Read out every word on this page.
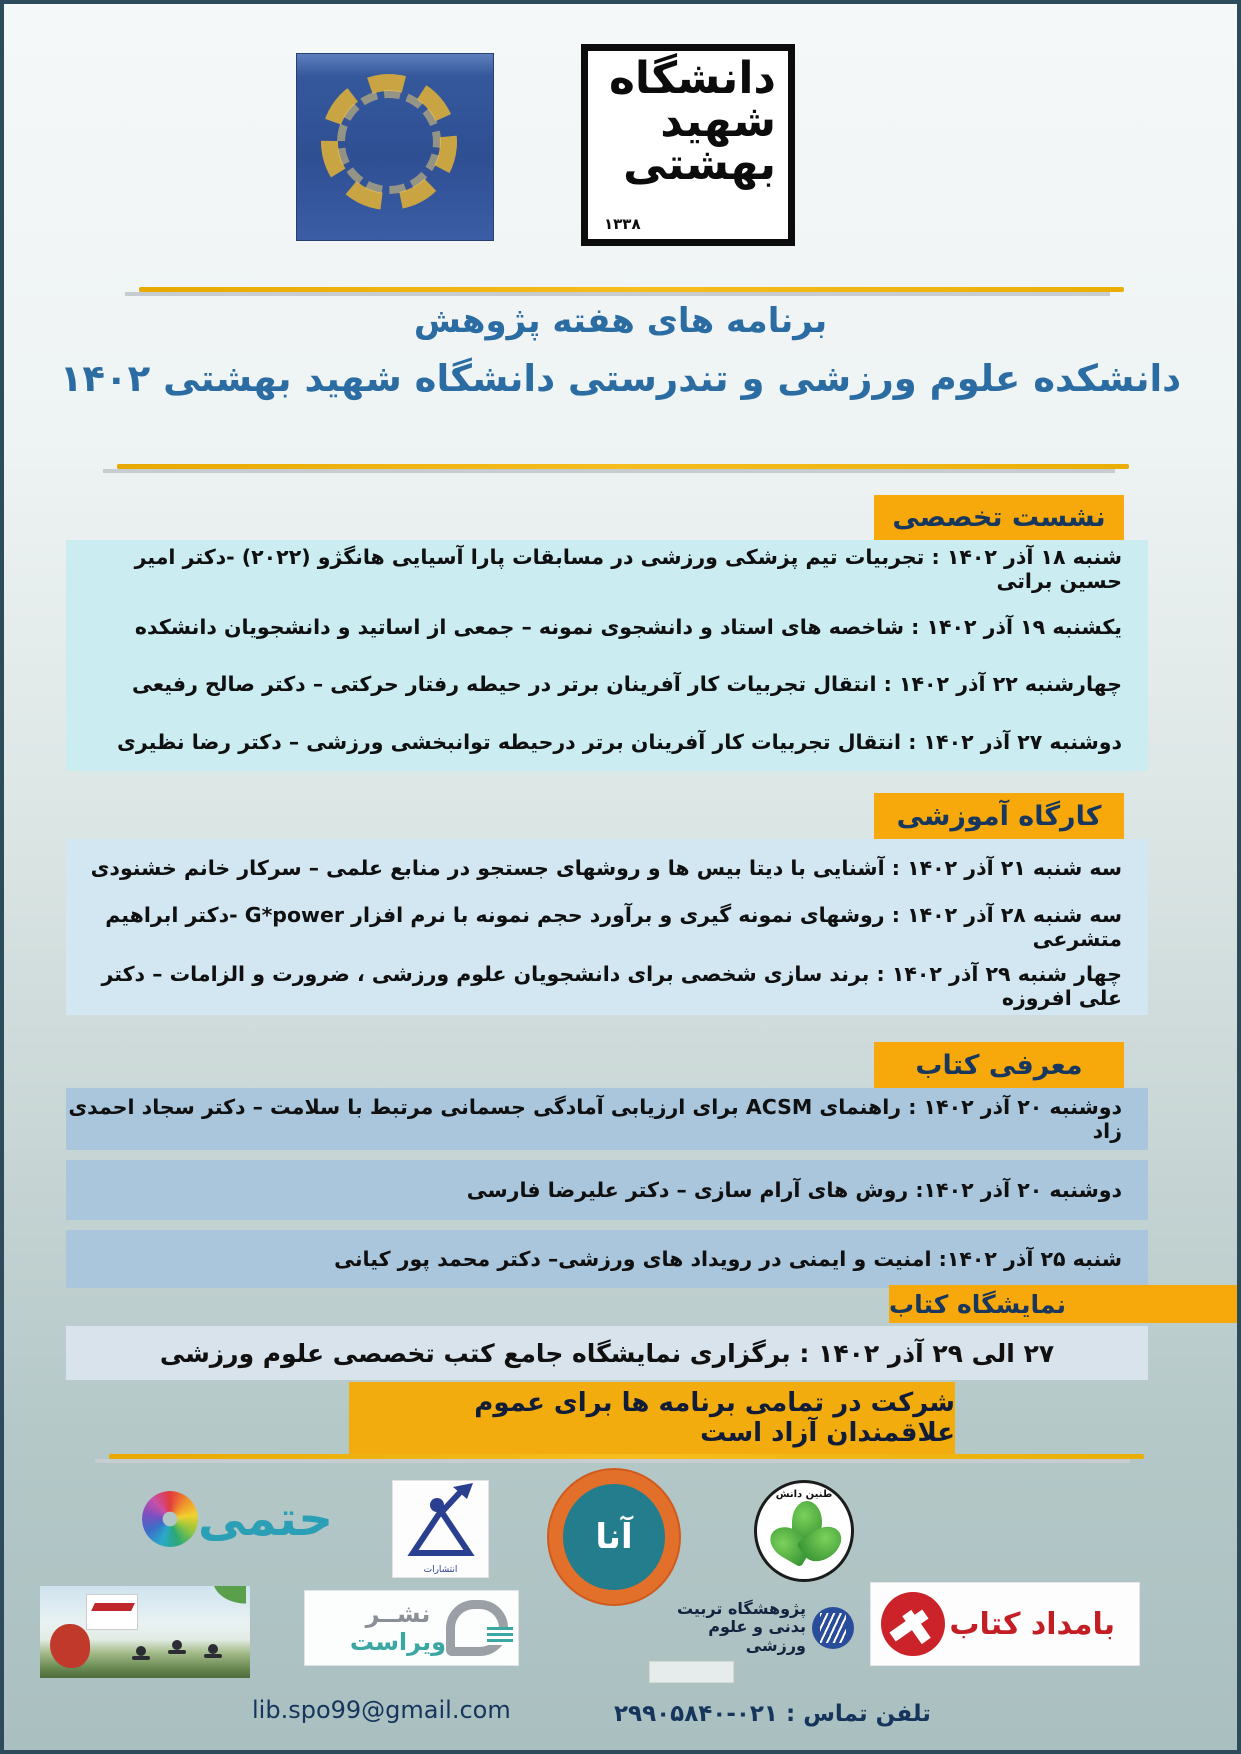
دانشگاه
شهید
بهشتی
۱۳۳۸
برنامه های هفته پژوهش
دانشکده علوم ورزشی و تندرستی دانشگاه شهید بهشتی ۱۴۰۲
نشست تخصصی
شنبه ۱۸ آذر ۱۴۰۲ : تجربیات تیم پزشکی ورزشی در مسابقات پارا آسیایی هانگژو (۲۰۲۲) -دکتر امیر حسین براتی
یکشنبه ۱۹ آذر ۱۴۰۲ : شاخصه های استاد و دانشجوی نمونه – جمعی از اساتید و دانشجویان دانشکده
چهارشنبه ۲۲ آذر ۱۴۰۲ : انتقال تجربیات کار آفرینان برتر در حیطه رفتار حرکتی – دکتر صالح رفیعی
دوشنبه ۲۷ آذر ۱۴۰۲ : انتقال تجربیات کار آفرینان برتر درحیطه توانبخشی ورزشی – دکتر رضا نظیری
کارگاه آموزشی
سه شنبه ۲۱ آذر ۱۴۰۲ : آشنایی با دیتا بیس ها و روشهای جستجو در منابع علمی – سرکار خانم خشنودی
سه شنبه ۲۸ آذر ۱۴۰۲ : روشهای نمونه گیری و برآورد حجم نمونه با نرم افزار G*power -دکتر ابراهیم متشرعی
چهار شنبه ۲۹ آذر ۱۴۰۲ : برند سازی شخصی برای دانشجویان علوم ورزشی ، ضرورت و الزامات – دکتر علی افروزه
معرفی کتاب
دوشنبه ۲۰ آذر ۱۴۰۲ : راهنمای ACSM برای ارزیابی آمادگی جسمانی مرتبط با سلامت – دکتر سجاد احمدی زاد
دوشنبه ۲۰ آذر ۱۴۰۲: روش های آرام سازی – دکتر علیرضا فارسی
شنبه ۲۵ آذر ۱۴۰۲: امنیت و ایمنی در رویداد های ورزشی– دکتر محمد پور کیانی
نمایشگاه کتاب
۲۷ الی ۲۹ آذر ۱۴۰۲ : برگزاری نمایشگاه جامع کتب تخصصی علوم ورزشی
شرکت در تمامی برنامه ها برای عموم علاقمندان آزاد است
حتمی
انتشارات
آنا
طنین دانش
نشــر
ویراست
پژوهشگاه تربیت بدنی و علوم ورزشی
بامداد کتاب
lib.spo99@gmail.com	تلفن تماس : ۰۲۱-۲۹۹۰۵۸۴۰
